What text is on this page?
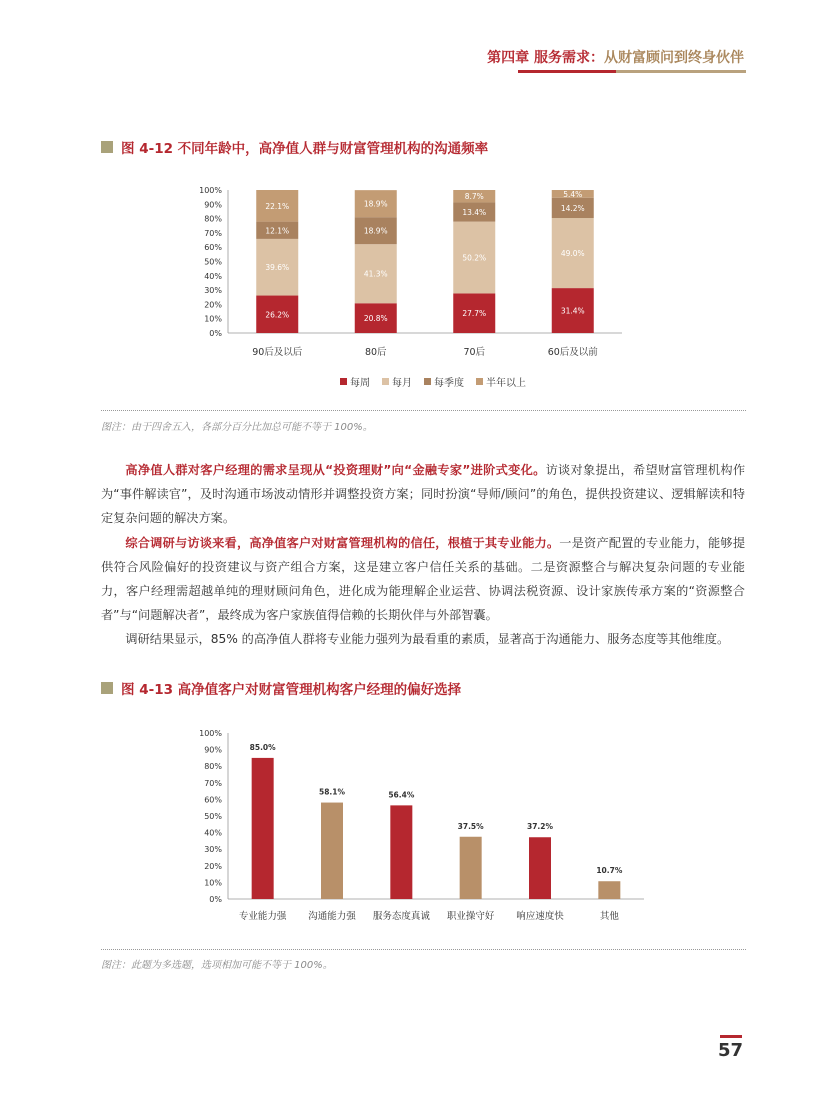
第四章 服务需求：从财富顾问到终身伙伴
图 4-12 不同年龄中，高净值人群与财富管理机构的沟通频率
0%
10%
20%
30%
40%
50%
60%
70%
80%
90%
100%
26.2%
39.6%
12.1%
22.1%
90后及以后
20.8%
41.3%
18.9%
18.9%
80后
27.7%
50.2%
13.4%
8.7%
70后
31.4%
49.0%
14.2%
5.4%
60后及以前
0%
10%
20%
30%
40%
50%
60%
70%
80%
90%
100%
85.0%
专业能力强
58.1%
沟通能力强
56.4%
服务态度真诚
37.5%
职业操守好
37.2%
响应速度快
10.7%
其他
每周 每月 每季度 半年以上
图注：由于四舍五入，各部分百分比加总可能不等于 100%。

高净值人群对客户经理的需求呈现从“投资理财”向“金融专家”进阶式变化。访谈对象提出，希望财富管理机构作为“事件解读官”，及时沟通市场波动情形并调整投资方案；同时扮演“导师/顾问”的角色，提供投资建议、逻辑解读和特定复杂问题的解决方案。

综合调研与访谈来看，高净值客户对财富管理机构的信任，根植于其专业能力。一是资产配置的专业能力，能够提供符合风险偏好的投资建议与资产组合方案，这是建立客户信任关系的基础。二是资源整合与解决复杂问题的专业能力，客户经理需超越单纯的理财顾问角色，进化成为能理解企业运营、协调法税资源、设计家族传承方案的“资源整合者”与“问题解决者”，最终成为客户家族值得信赖的长期伙伴与外部智囊。

调研结果显示，85% 的高净值人群将专业能力强列为最看重的素质，显著高于沟通能力、服务态度等其他维度。

图 4-13 高净值客户对财富管理机构客户经理的偏好选择
图注：此题为多选题，选项相加可能不等于 100%。
57
